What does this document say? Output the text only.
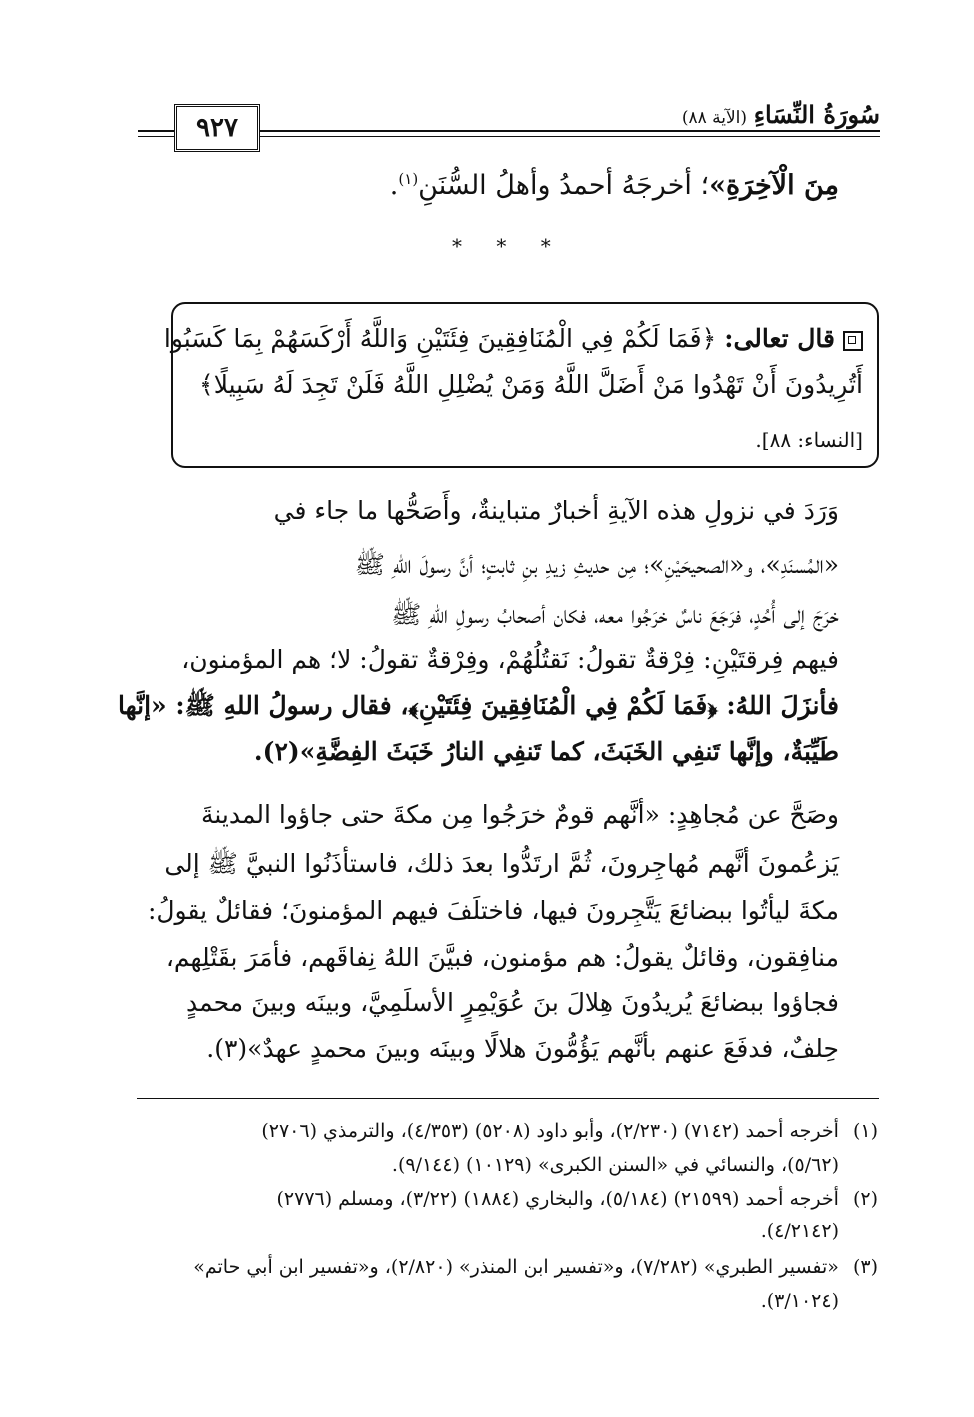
سُورَةُ النِّسَاءِ (الآية ٨٨)
٩٢٧
مِنَ الْآخِرَةِ»؛ أخرجَهُ أحمدُ وأهلُ السُّنَنِ$^{(١)}$.
* * *
قال تعالى: ﴿فَمَا لَكُمْ فِي الْمُنَافِقِينَ فِئَتَيْنِ وَاللَّهُ أَرْكَسَهُمْ بِمَا كَسَبُوا
أَتُرِيدُونَ أَنْ تَهْدُوا مَنْ أَضَلَّ اللَّهُ وَمَنْ يُضْلِلِ اللَّهُ فَلَنْ تَجِدَ لَهُ سَبِيلًا﴾
[النساء: ٨٨].
وَرَدَ في نزولِ هذه الآيةِ أخبارٌ متباينةٌ، وأَصَحُّها ما جاء في
«المُسنَدِ»، و«الصحيحَيْنِ»؛ مِن حديثِ زيدِ بنِ ثابتٍ؛ أنَّ رسولَ اللهِ ﷺ
خرَجَ إلى أُحُدٍ، فرَجَعَ ناسٌ خرَجُوا معه، فكان أصحابُ رسولِ اللهِ ﷺ
فيهم فِرقتَيْنِ: فِرْقةٌ تقولُ: نَقتُلُهُمْ، وفِرْقةٌ تقولُ: لا؛ هم المؤمنون،
فأنزَلَ اللهُ: ﴿فَمَا لَكُمْ فِي الْمُنَافِقِينَ فِئَتَيْنِ﴾، فقال رسولُ اللهِ ﷺ: «إنَّها
طَيِّبَةٌ، وإنَّها تَنفِي الخَبَثَ، كما تَنفِي النارُ خَبَثَ الفِضَّةِ»(٢).
وصَحَّ عن مُجاهِدٍ: «أنَّهم قومٌ خرَجُوا مِن مكةَ حتى جاؤوا المدينةَ
يَزعُمونَ أنَّهم مُهاجِرونَ، ثُمَّ ارتَدُّوا بعدَ ذلك، فاستأذَنُوا النبيَّ ﷺ إلى
مكةَ ليأتُوا ببضائعَ يَتَّجِرونَ فيها، فاختلَفَ فيهم المؤمنونَ؛ فقائلٌ يقولُ:
منافِقون، وقائلٌ يقولُ: هم مؤمنون، فبيَّنَ اللهُ نِفاقَهم، فأمَرَ بقَتْلِهم،
فجاؤوا ببضائعَ يُريدُونَ هِلالَ بنَ عُوَيْمِرٍ الأسلَمِيَّ، وبينَه وبينَ محمدٍ
حِلفٌ، فدفَعَ عنهم بأنَّهم يَؤُمُّونَ هلالًا وبينَه وبينَ محمدٍ عهدٌ»(٣).
(١)أخرجه أحمد (٧١٤٢) (٢/٢٣٠)، وأبو داود (٥٢٠٨) (٤/٣٥٣)، والترمذي (٢٧٠٦)
(٥/٦٢)، والنسائي في «السنن الكبرى» (١٠١٢٩) (٩/١٤٤).
(٢)أخرجه أحمد (٢١٥٩٩) (٥/١٨٤)، والبخاري (١٨٨٤) (٣/٢٢)، ومسلم (٢٧٧٦)
(٤/٢١٤٢).
(٣)«تفسير الطبري» (٧/٢٨٢)، و«تفسير ابن المنذر» (٢/٨٢٠)، و«تفسير ابن أبي حاتم»
(٣/١٠٢٤).
